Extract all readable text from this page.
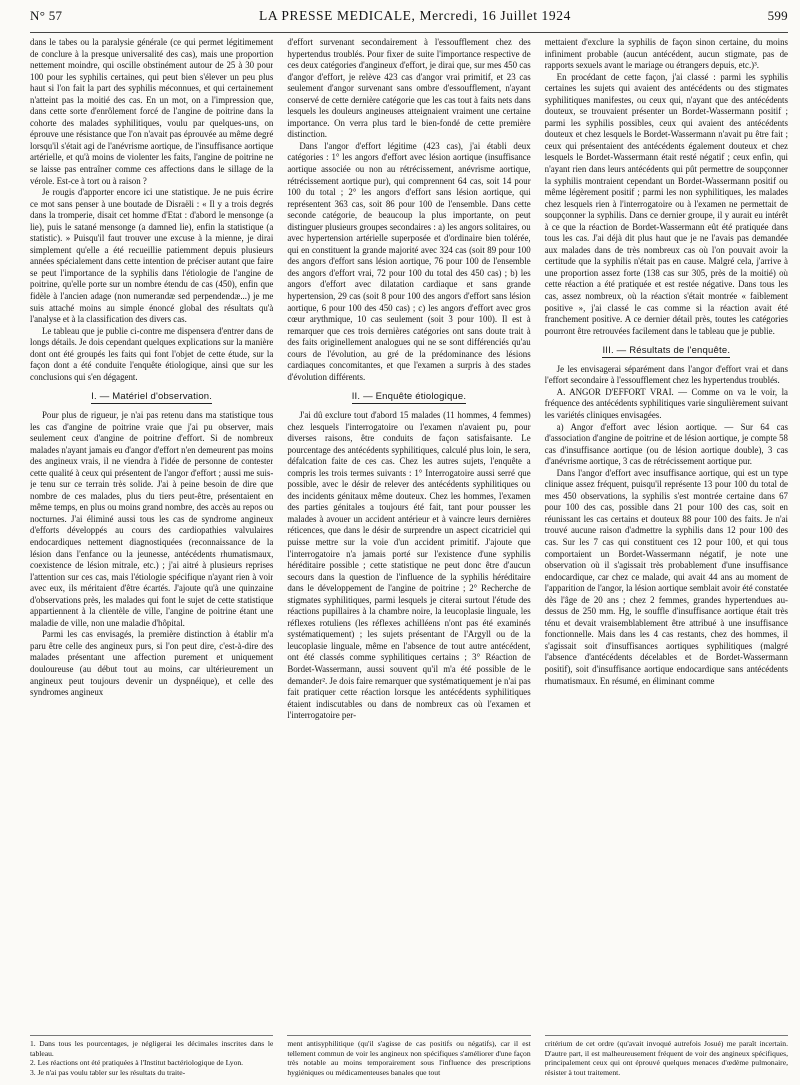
N° 57	LA PRESSE MEDICALE, Mercredi, 16 Juillet 1924	599

dans le tabes ou la paralysie générale (ce qui permet légitimement de conclure à la presque universalité des cas), mais une proportion nettement moindre, qui oscille obstinément autour de 25 à 30 pour 100 pour les syphilis certaines, qui peut bien s'élever un peu plus haut si l'on fait la part des syphilis méconnues, et qui certainement n'atteint pas la moitié des cas. En un mot, on a l'impression que, dans cette sorte d'enrôlement forcé de l'angine de poitrine dans la cohorte des malades syphilitiques, voulu par quelques-uns, on éprouve une résistance que l'on n'avait pas éprouvée au même degré lorsqu'il s'était agi de l'anévrisme aortique, de l'insuffisance aortique artérielle, et qu'à moins de violenter les faits, l'angine de poitrine ne se laisse pas entraîner comme ces affections dans le sillage de la vérole. Est-ce à tort ou à raison ?

Je rougis d'apporter encore ici une statistique. Je ne puis écrire ce mot sans penser à une boutade de Disraëli : « Il y a trois degrés dans la tromperie, disait cet homme d'Etat : d'abord le mensonge (a lie), puis le satané mensonge (a damned lie), enfin la statistique (a statistic). » Puisqu'il faut trouver une excuse à la mienne, je dirai simplement qu'elle a été recueillie patiemment depuis plusieurs années spécialement dans cette intention de préciser autant que faire se peut l'importance de la syphilis dans l'étiologie de l'angine de poitrine, qu'elle porte sur un nombre étendu de cas (450), enfin que fidèle à l'ancien adage (non numerandæ sed perpendendæ...) je me suis attaché moins au simple énoncé global des résultats qu'à l'analyse et à la classification des divers cas.

Le tableau que je publie ci-contre me dispensera d'entrer dans de longs détails. Je dois cependant quelques explications sur la manière dont ont été groupés les faits qui font l'objet de cette étude, sur la façon dont a été conduite l'enquête étiologique, ainsi que sur les conclusions qui s'en dégagent.

I. — Matériel d'observation.

Pour plus de rigueur, je n'ai pas retenu dans ma statistique tous les cas d'angine de poitrine vraie que j'ai pu observer, mais seulement ceux d'angine de poitrine d'effort. Si de nombreux malades n'ayant jamais eu d'angor d'effort n'en demeurent pas moins des angineux vrais, il ne viendra à l'idée de personne de contester cette qualité à ceux qui présentent de l'angor d'effort ; aussi me suis-je tenu sur ce terrain très solide. J'ai à peine besoin de dire que nombre de ces malades, plus du tiers peut-être, présentaient en même temps, en plus ou moins grand nombre, des accès au repos ou nocturnes. J'ai éliminé aussi tous les cas de syndrome angineux d'efforts développés au cours des cardiopathies valvulaires endocardiques nettement diagnostiquées (reconnaissance de la lésion dans l'enfance ou la jeunesse, antécédents rhumatismaux, coexistence de lésion mitrale, etc.) ; j'ai aitré à plusieurs reprises l'attention sur ces cas, mais l'étiologie spécifique n'ayant rien à voir avec eux, ils méritaient d'être écartés. J'ajoute qu'à une quinzaine d'observations près, les malades qui font le sujet de cette statistique appartiennent à la clientèle de ville, l'angine de poitrine étant une maladie de ville, non une maladie d'hôpital.

Parmi les cas envisagés, la première distinction à établir m'a paru être celle des angineux purs, si l'on peut dire, c'est-à-dire des malades présentant une affection purement et uniquement douloureuse (au début tout au moins, car ultérieurement un angineux peut toujours devenir un dyspnéique), et celle des syndromes angineux

1. Dans tous les pourcentages, je négligerai les décimales inscrites dans le tableau.
2. Les réactions ont été pratiquées à l'Institut bactériologique de Lyon.
3. Je n'ai pas voulu tabler sur les résultats du traite-

d'effort survenant secondairement à l'essoufflement chez des hypertendus troublés. Pour fixer de suite l'importance respective de ces deux catégories d'angineux d'effort, je dirai que, sur mes 450 cas d'angor d'effort, je relève 423 cas d'angor vrai primitif, et 23 cas seulement d'angor survenant sans ombre d'essoufflement, n'ayant conservé de cette dernière catégorie que les cas tout à faits nets dans lesquels les douleurs angineuses atteignaient vraiment une certaine importance. On verra plus tard le bien-fondé de cette première distinction.

Dans l'angor d'effort légitime (423 cas), j'ai établi deux catégories : 1° les angors d'effort avec lésion aortique (insuffisance aortique associée ou non au rétrécissement, anévrisme aortique, rétrécissement aortique pur), qui comprennent 64 cas, soit 14 pour 100 du total ; 2° les angors d'effort sans lésion aortique, qui représentent 363 cas, soit 86 pour 100 de l'ensemble. Dans cette seconde catégorie, de beaucoup la plus importante, on peut distinguer plusieurs groupes secondaires : a) les angors solitaires, ou avec hypertension artérielle superposée et d'ordinaire bien tolérée, qui en constituent la grande majorité avec 324 cas (soit 89 pour 100 des angors d'effort sans lésion aortique, 76 pour 100 de l'ensemble des angors d'effort vrai, 72 pour 100 du total des 450 cas) ; b) les angors d'effort avec dilatation cardiaque et sans grande hypertension, 29 cas (soit 8 pour 100 des angors d'effort sans lésion aortique, 6 pour 100 des 450 cas) ; c) les angors d'effort avec gros cœur arythmique, 10 cas seulement (soit 3 pour 100). Il est à remarquer que ces trois dernières catégories ont sans doute trait à des faits originellement analogues qui ne se sont différenciés qu'au cours de l'évolution, au gré de la prédominance des lésions cardiaques concomitantes, et que l'examen a surpris à des stades d'évolution différents.

II. — Enquête étiologique.

J'ai dû exclure tout d'abord 15 malades (11 hommes, 4 femmes) chez lesquels l'interrogatoire ou l'examen n'avaient pu, pour diverses raisons, être conduits de façon satisfaisante. Le pourcentage des antécédents syphilitiques, calculé plus loin, le sera, défalcation faite de ces cas. Chez les autres sujets, l'enquête a compris les trois termes suivants : 1° Interrogatoire aussi serré que possible, avec le désir de relever des antécédents syphilitiques ou des incidents génitaux même douteux. Chez les hommes, l'examen des parties génitales a toujours été fait, tant pour pousser les malades à avouer un accident antérieur et à vaincre leurs dernières réticences, que dans le désir de surprendre un aspect cicatriciel qui puisse mettre sur la voie d'un accident primitif. J'ajoute que l'interrogatoire n'a jamais porté sur l'existence d'une syphilis héréditaire possible ; cette statistique ne peut donc être d'aucun secours dans la question de l'influence de la syphilis héréditaire dans le développement de l'angine de poitrine ; 2° Recherche de stigmates syphilitiques, parmi lesquels je citerai surtout l'étude des réactions pupillaires à la chambre noire, la leucoplasie linguale, les réflexes rotuliens (les réflexes achilléens n'ont pas été examinés systématiquement) ; les sujets présentant de l'Argyll ou de la leucoplasie linguale, même en l'absence de tout autre antécédent, ont été classés comme syphilitiques certains ; 3° Réaction de Bordet-Wassermann, aussi souvent qu'il m'a été possible de le demander². Je dois faire remarquer que systématiquement je n'ai pas fait pratiquer cette réaction lorsque les antécédents syphilitiques étaient indiscutables ou dans de nombreux cas où l'examen et l'interrogatoire per-

ment antisyphilitique (qu'il s'agisse de cas positifs ou négatifs), car il est tellement commun de voir les angineux non spécifiques s'améliorer d'une façon très notable au moins temporairement sous l'influence des prescriptions hygiéniques ou médicamenteuses banales que tout

mettaient d'exclure la syphilis de façon sinon certaine, du moins infiniment probable (aucun antécédent, aucun stigmate, pas de rapports sexuels avant le mariage ou étrangers depuis, etc.)³.

En procédant de cette façon, j'ai classé : parmi les syphilis certaines les sujets qui avaient des antécédents ou des stigmates syphilitiques manifestes, ou ceux qui, n'ayant que des antécédents douteux, se trouvaient présenter un Bordet-Wassermann positif ; parmi les syphilis possibles, ceux qui avaient des antécédents douteux et chez lesquels le Bordet-Wassermann n'avait pu être fait ; ceux qui présentaient des antécédents également douteux et chez lesquels le Bordet-Wassermann était resté négatif ; ceux enfin, qui n'ayant rien dans leurs antécédents qui pût permettre de soupçonner la syphilis montraient cependant un Bordet-Wassermann positif ou même légèrement positif ; parmi les non syphilitiques, les malades chez lesquels rien à l'interrogatoire ou à l'examen ne permettait de soupçonner la syphilis. Dans ce dernier groupe, il y aurait eu intérêt à ce que la réaction de Bordet-Wassermann eût été pratiquée dans tous les cas. J'ai déjà dit plus haut que je ne l'avais pas demandée aux malades dans de très nombreux cas où l'on pouvait avoir la certitude que la syphilis n'était pas en cause. Malgré cela, j'arrive à une proportion assez forte (138 cas sur 305, près de la moitié) où cette réaction a été pratiquée et est restée négative. Dans tous les cas, assez nombreux, où la réaction s'était montrée « faiblement positive », j'ai classé le cas comme si la réaction avait été franchement positive. A ce dernier détail près, toutes les catégories pourront être retrouvées facilement dans le tableau que je publie.

III. — Résultats de l'enquête.

Je les envisagerai séparément dans l'angor d'effort vrai et dans l'effort secondaire à l'essoufflement chez les hypertendus troublés.

A. ANGOR D'EFFORT VRAI. — Comme on va le voir, la fréquence des antécédents syphilitiques varie singulièrement suivant les variétés cliniques envisagées.

a) Angor d'effort avec lésion aortique. — Sur 64 cas d'association d'angine de poitrine et de lésion aortique, je compte 58 cas d'insuffisance aortique (ou de lésion aortique double), 3 cas d'anévrisme aortique, 3 cas de rétrécissement aortique pur.

Dans l'angor d'effort avec insuffisance aortique, qui est un type clinique assez fréquent, puisqu'il représente 13 pour 100 du total de mes 450 observations, la syphilis s'est montrée certaine dans 67 pour 100 des cas, possible dans 21 pour 100 des cas, soit en réunissant les cas certains et douteux 88 pour 100 des faits. Je n'ai trouvé aucune raison d'admettre la syphilis dans 12 pour 100 des cas. Sur les 7 cas qui constituent ces 12 pour 100, et qui tous comportaient un Bordet-Wassermann négatif, je note une observation où il s'agissait très probablement d'une insuffisance endocardique, car chez ce malade, qui avait 44 ans au moment de l'apparition de l'angor, la lésion aortique semblait avoir été constatée dès l'âge de 20 ans ; chez 2 femmes, grandes hypertendues au-dessus de 250 mm. Hg, le souffle d'insuffisance aortique était très ténu et devait vraisemblablement être attribué à une insuffisance fonctionnelle. Mais dans les 4 cas restants, chez des hommes, il s'agissait soit d'insuffisances aortiques syphilitiques (malgré l'absence d'antécédents décelables et de Bordet-Wassermann positif), soit d'insuffisance aortique endocardique sans antécédents rhumatismaux. En résumé, en éliminant comme

critérium de cet ordre (qu'avait invoqué autrefois Josué) me paraît incertain. D'autre part, il est malheureusement fréquent de voir des angineux spécifiques, principalement ceux qui ont éprouvé quelques menaces d'œdème pulmonaire, résister à tout traitement.
